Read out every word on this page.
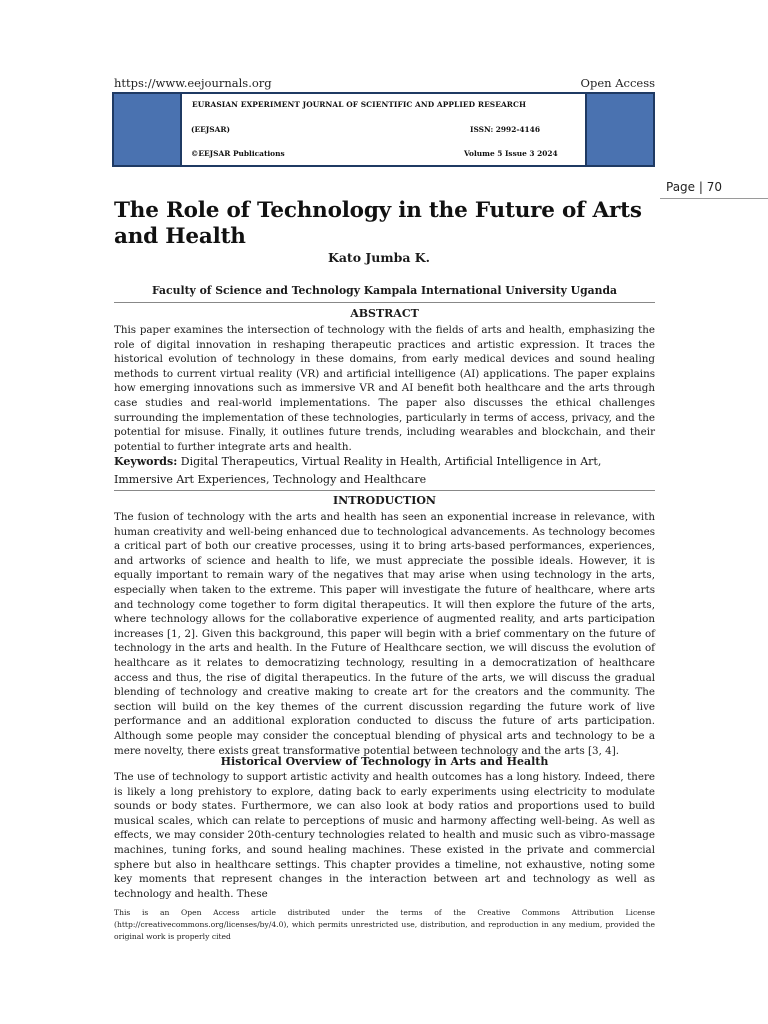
https://www.eejournals.org	Open Access
EURASIAN EXPERIMENT JOURNAL OF SCIENTIFIC AND APPLIED RESEARCH
(EEJSAR)	ISSN: 2992-4146
©EEJSAR Publications	Volume 5 Issue 3 2024
Page | 70
The Role of Technology in the Future of Arts and Health
Kato Jumba K.
Faculty of Science and Technology Kampala International University Uganda
ABSTRACT
This paper examines the intersection of technology with the fields of arts and health, emphasizing the role of digital innovation in reshaping therapeutic practices and artistic expression. It traces the historical evolution of technology in these domains, from early medical devices and sound healing methods to current virtual reality (VR) and artificial intelligence (AI) applications. The paper explains how emerging innovations such as immersive VR and AI benefit both healthcare and the arts through case studies and real-world implementations. The paper also discusses the ethical challenges surrounding the implementation of these technologies, particularly in terms of access, privacy, and the potential for misuse. Finally, it outlines future trends, including wearables and blockchain, and their potential to further integrate arts and health.
Keywords: Digital Therapeutics, Virtual Reality in Health, Artificial Intelligence in Art, Immersive Art Experiences, Technology and Healthcare
INTRODUCTION
The fusion of technology with the arts and health has seen an exponential increase in relevance, with human creativity and well-being enhanced due to technological advancements. As technology becomes a critical part of both our creative processes, using it to bring arts-based performances, experiences, and artworks of science and health to life, we must appreciate the possible ideals. However, it is equally important to remain wary of the negatives that may arise when using technology in the arts, especially when taken to the extreme. This paper will investigate the future of healthcare, where arts and technology come together to form digital therapeutics. It will then explore the future of the arts, where technology allows for the collaborative experience of augmented reality, and arts participation increases [1, 2]. Given this background, this paper will begin with a brief commentary on the future of technology in the arts and health. In the Future of Healthcare section, we will discuss the evolution of healthcare as it relates to democratizing technology, resulting in a democratization of healthcare access and thus, the rise of digital therapeutics. In the future of the arts, we will discuss the gradual blending of technology and creative making to create art for the creators and the community. The section will build on the key themes of the current discussion regarding the future work of live performance and an additional exploration conducted to discuss the future of arts participation. Although some people may consider the conceptual blending of physical arts and technology to be a mere novelty, there exists great transformative potential between technology and the arts [3, 4].
Historical Overview of Technology in Arts and Health
The use of technology to support artistic activity and health outcomes has a long history. Indeed, there is likely a long prehistory to explore, dating back to early experiments using electricity to modulate sounds or body states. Furthermore, we can also look at body ratios and proportions used to build musical scales, which can relate to perceptions of music and harmony affecting well-being. As well as effects, we may consider 20th-century technologies related to health and music such as vibro-massage machines, tuning forks, and sound healing machines. These existed in the private and commercial sphere but also in healthcare settings. This chapter provides a timeline, not exhaustive, noting some key moments that represent changes in the interaction between art and technology as well as technology and health. These
This is an Open Access article distributed under the terms of the Creative Commons Attribution License (http://creativecommons.org/licenses/by/4.0), which permits unrestricted use, distribution, and reproduction in any medium, provided the original work is properly cited
